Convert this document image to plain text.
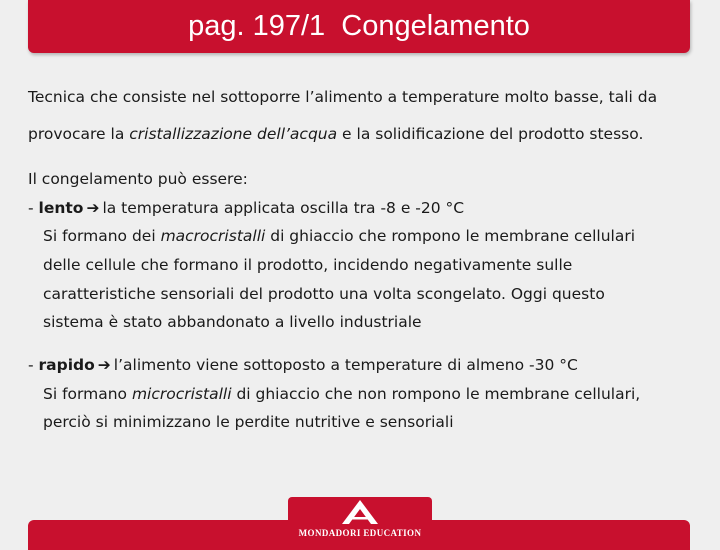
pag. 197/1  Congelamento
Tecnica che consiste nel sottoporre l’alimento a temperature molto basse, tali da
provocare la cristallizzazione dell’acqua e la solidificazione del prodotto stesso.
Il congelamento può essere:
- lento ➔ la temperatura applicata oscilla tra -8 e -20 °C
Si formano dei macrocristalli di ghiaccio che rompono le membrane cellulari
delle cellule che formano il prodotto, incidendo negativamente sulle
caratteristiche sensoriali del prodotto una volta scongelato. Oggi questo
sistema è stato abbandonato a livello industriale
- rapido ➔ l’alimento viene sottoposto a temperature di almeno -30 °C
Si formano microcristalli di ghiaccio che non rompono le membrane cellulari,
perciò si minimizzano le perdite nutritive e sensoriali
MONDADORI EDUCATION
